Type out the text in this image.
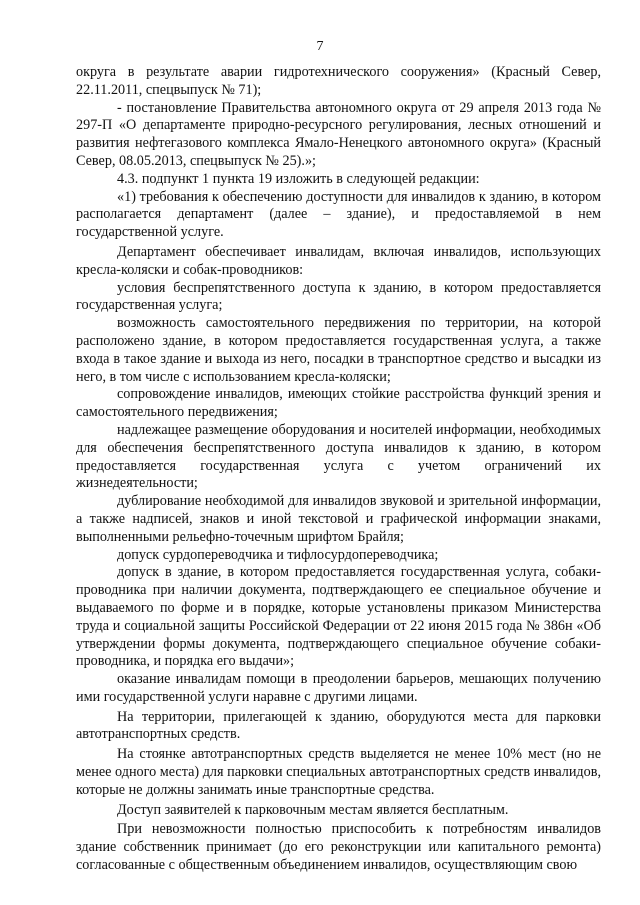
7

округа в результате аварии гидротехнического сооружения» (Красный Север, 22.11.2011, спецвыпуск № 71);

- постановление Правительства автономного округа от 29 апреля 2013 года № 297-П «О департаменте природно-ресурсного регулирования, лесных отношений и развития нефтегазового комплекса Ямало-Ненецкого автономного округа» (Красный Север, 08.05.2013, спецвыпуск № 25).»;

4.3. подпункт 1 пункта 19 изложить в следующей редакции:

«1) требования к обеспечению доступности для инвалидов к зданию, в котором располагается департамент (далее – здание), и предоставляемой в нем государственной услуге.

Департамент обеспечивает инвалидам, включая инвалидов, использующих кресла-коляски и собак-проводников:

условия беспрепятственного доступа к зданию, в котором предоставляется государственная услуга;

возможность самостоятельного передвижения по территории, на которой расположено здание, в котором предоставляется государственная услуга, а также входа в такое здание и выхода из него, посадки в транспортное средство и высадки из него, в том числе с использованием кресла-коляски;

сопровождение инвалидов, имеющих стойкие расстройства функций зрения и самостоятельного передвижения;

надлежащее размещение оборудования и носителей информации, необходимых для обеспечения беспрепятственного доступа инвалидов к зданию, в котором предоставляется государственная услуга с учетом ограничений их жизнедеятельности;

дублирование необходимой для инвалидов звуковой и зрительной информации, а также надписей, знаков и иной текстовой и графической информации знаками, выполненными рельефно-точечным шрифтом Брайля;

допуск сурдопереводчика и тифлосурдопереводчика;

допуск в здание, в котором предоставляется государственная услуга, собаки-проводника при наличии документа, подтверждающего ее специальное обучение и выдаваемого по форме и в порядке, которые установлены приказом Министерства труда и социальной защиты Российской Федерации от 22 июня 2015 года № 386н «Об утверждении формы документа, подтверждающего специальное обучение собаки-проводника, и порядка его выдачи»;

оказание инвалидам помощи в преодолении барьеров, мешающих получению ими государственной услуги наравне с другими лицами.

На территории, прилегающей к зданию, оборудуются места для парковки автотранспортных средств.

На стоянке автотранспортных средств выделяется не менее 10% мест (но не менее одного места) для парковки специальных автотранспортных средств инвалидов, которые не должны занимать иные транспортные средства.

Доступ заявителей к парковочным местам является бесплатным.

При невозможности полностью приспособить к потребностям инвалидов здание собственник принимает (до его реконструкции или капитального ремонта) согласованные с общественным объединением инвалидов, осуществляющим свою
